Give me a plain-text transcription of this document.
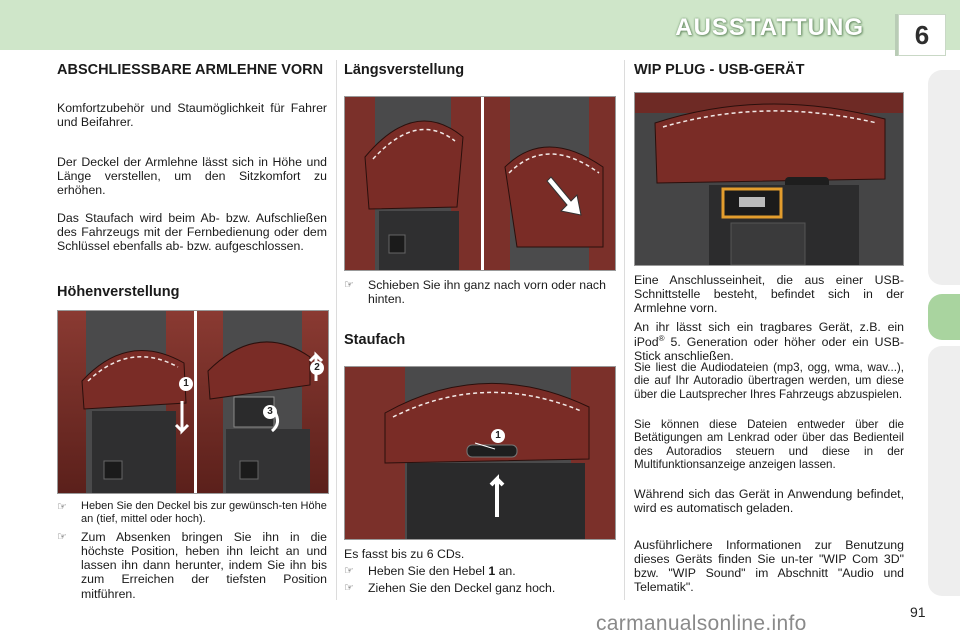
AUSSTATTUNG	6
ABSCHLIESSBARE ARMLEHNE VORN

Komfortzubehör und Staumöglichkeit für Fahrer und Beifahrer.

Der Deckel der Armlehne lässt sich in Höhe und Länge verstellen, um den Sitzkomfort zu erhöhen.

Das Staufach wird beim Ab- bzw. Aufschließen des Fahrzeugs mit der Fernbedienung oder dem Schlüssel ebenfalls ab- bzw. aufgeschlossen.

Höhenverstellung
1
2
3
☞	Heben Sie den Deckel bis zur gewünsch-ten Höhe an (tief, mittel oder hoch).
☞	Zum Absenken bringen Sie ihn in die höchste Position, heben ihn leicht an und lassen ihn dann herunter, indem Sie ihn bis zum Erreichen der tiefsten Position mitführen.
Längsverstellung
☞	Schieben Sie ihn ganz nach vorn oder nach hinten.
Staufach
1

Es fasst bis zu 6 CDs.

☞	Heben Sie den Hebel 1 an.
☞	Ziehen Sie den Deckel ganz hoch.
WIP PLUG - USB-GERÄT

Eine Anschlusseinheit, die aus einer USB-Schnittstelle besteht, befindet sich in der Armlehne vorn.

An ihr lässt sich ein tragbares Gerät, z.B. ein iPod® 5. Generation oder höher oder ein USB-Stick anschließen.

Sie liest die Audiodateien (mp3, ogg, wma, wav...), die auf Ihr Autoradio übertragen werden, um diese über die Lautsprecher Ihres Fahrzeugs abzuspielen.

Sie können diese Dateien entweder über die Betätigungen am Lenkrad oder über das Bedienteil des Autoradios steuern und diese in der Multifunktionsanzeige anzeigen lassen.

Während sich das Gerät in Anwendung befindet, wird es automatisch geladen.

Ausführlichere Informationen zur Benutzung dieses Geräts finden Sie un-ter "WIP Com 3D" bzw. "WIP Sound" im Abschnitt "Audio und Telematik".

91
carmanualsonline.info
